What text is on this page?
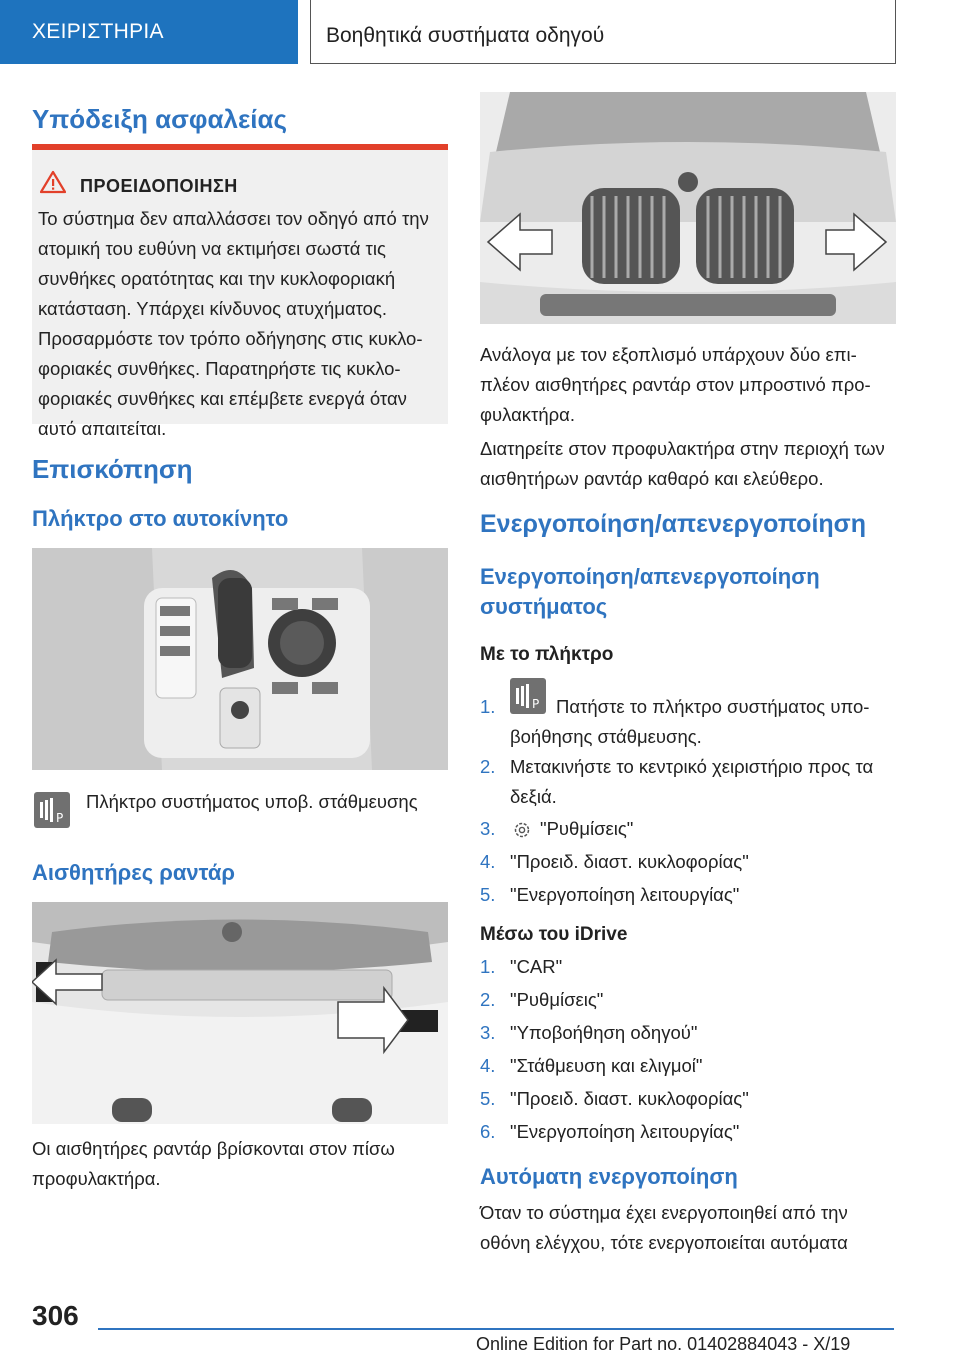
ΧΕΙΡΙΣΤΗΡΙΑ	Βοηθητικά συστήματα οδηγού
Υπόδειξη ασφαλείας
ΠΡΟΕΙΔΟΠΟΙΗΣΗ
Το σύστημα δεν απαλλάσσει τον οδηγό από την
ατομική του ευθύνη να εκτιμήσει σωστά τις
συνθήκες ορατότητας και την κυκλοφοριακή
κατάσταση. Υπάρχει κίνδυνος ατυχήματος.
Προσαρμόστε τον τρόπο οδήγησης στις κυκλο-
φοριακές συνθήκες. Παρατηρήστε τις κυκλο-
φοριακές συνθήκες και επέμβετε ενεργά όταν
αυτό απαιτείται.
Επισκόπηση
Πλήκτρο στο αυτοκίνητο
P
Πλήκτρο συστήματος υποβ. στάθμευσης
Αισθητήρες ραντάρ
Οι αισθητήρες ραντάρ βρίσκονται στον πίσω
προφυλακτήρα.
Ανάλογα με τον εξοπλισμό υπάρχουν δύο επι-
πλέον αισθητήρες ραντάρ στον μπροστινό προ-
φυλακτήρα.
Διατηρείτε στον προφυλακτήρα στην περιοχή των
αισθητήρων ραντάρ καθαρό και ελεύθερο.
Ενεργοποίηση/απενεργοποίηση
Ενεργοποίηση/απενεργοποίηση
συστήματος
Με το πλήκτρο
1.	P Πατήστε το πλήκτρο συστήματος υπο-
βοήθησης στάθμευσης.
2. Μετακινήστε το κεντρικό χειριστήριο προς τα
δεξιά.
3.	"Ρυθμίσεις"
4. "Προειδ. διαστ. κυκλοφορίας"
5. "Ενεργοποίηση λειτουργίας"
Μέσω του iDrive
1. "CAR"
2. "Ρυθμίσεις"
3. "Υποβοήθηση οδηγού"
4. "Στάθμευση και ελιγμοί"
5. "Προειδ. διαστ. κυκλοφορίας"
6. "Ενεργοποίηση λειτουργίας"
Αυτόματη ενεργοποίηση
Όταν το σύστημα έχει ενεργοποιηθεί από την
οθόνη ελέγχου, τότε ενεργοποιείται αυτόματα
306
Online Edition for Part no. 01402884043 - X/19
